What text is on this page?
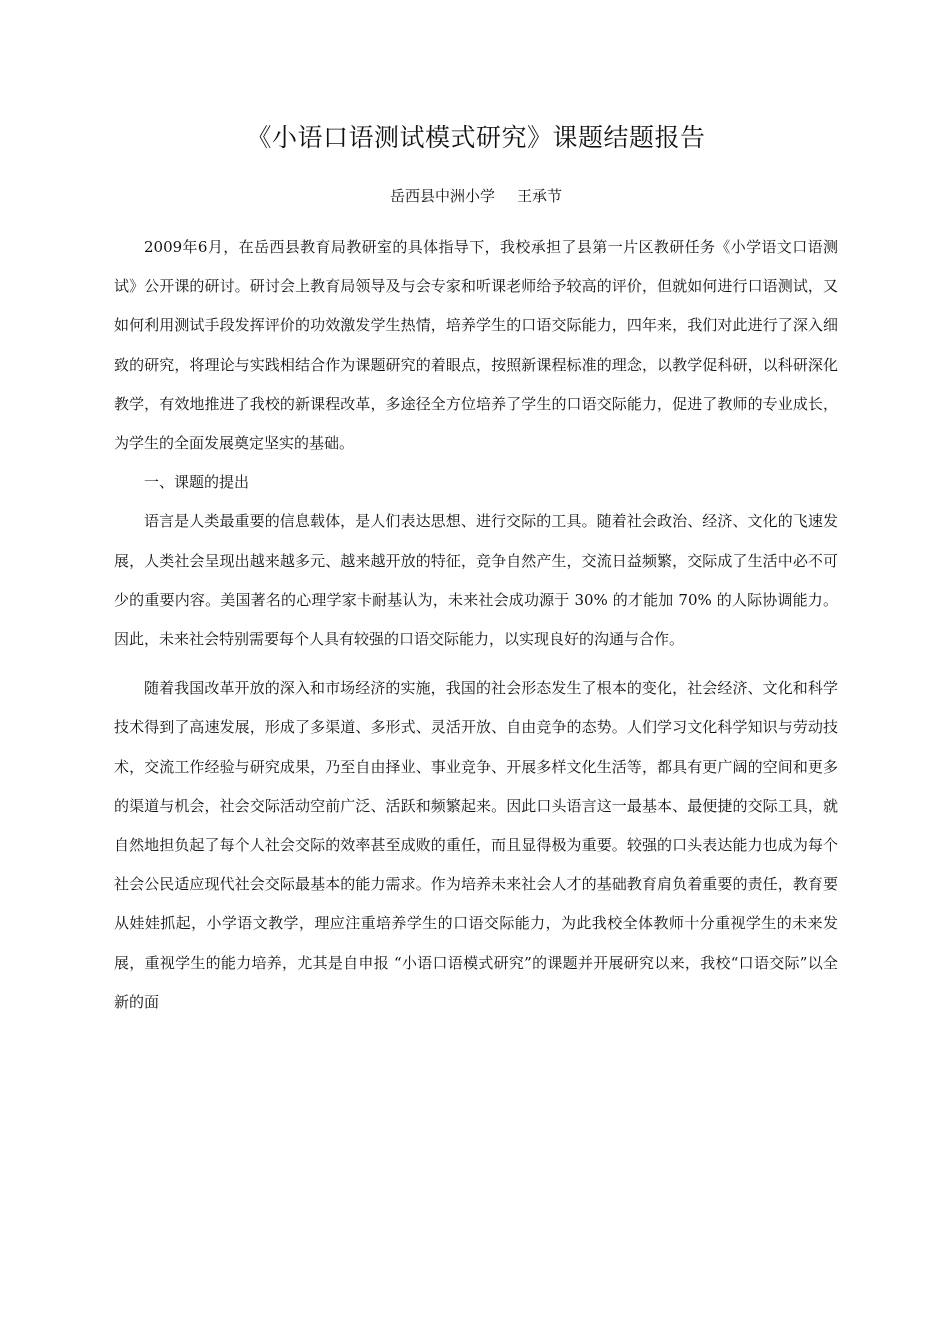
《小语口语测试模式研究》课题结题报告

岳西县中洲小学 王承节

2009年6月，在岳西县教育局教研室的具体指导下，我校承担了县第一片区教研任务《小学语文口语测试》公开课的研讨。研讨会上教育局领导及与会专家和听课老师给予较高的评价，但就如何进行口语测试，又如何利用测试手段发挥评价的功效激发学生热情，培养学生的口语交际能力，四年来，我们对此进行了深入细致的研究，将理论与实践相结合作为课题研究的着眼点，按照新课程标准的理念，以教学促科研，以科研深化教学，有效地推进了我校的新课程改革，多途径全方位培养了学生的口语交际能力，促进了教师的专业成长，为学生的全面发展奠定坚实的基础。

一、课题的提出

语言是人类最重要的信息载体，是人们表达思想、进行交际的工具。随着社会政治、经济、文化的飞速发展，人类社会呈现出越来越多元、越来越开放的特征，竞争自然产生，交流日益频繁，交际成了生活中必不可少的重要内容。美国著名的心理学家卡耐基认为，未来社会成功源于 30% 的才能加 70% 的人际协调能力。因此，未来社会特别需要每个人具有较强的口语交际能力，以实现良好的沟通与合作。

随着我国改革开放的深入和市场经济的实施，我国的社会形态发生了根本的变化，社会经济、文化和科学技术得到了高速发展，形成了多渠道、多形式、灵活开放、自由竞争的态势。人们学习文化科学知识与劳动技术，交流工作经验与研究成果，乃至自由择业、事业竞争、开展多样文化生活等，都具有更广阔的空间和更多的渠道与机会，社会交际活动空前广泛、活跃和频繁起来。因此口头语言这一最基本、最便捷的交际工具，就自然地担负起了每个人社会交际的效率甚至成败的重任，而且显得极为重要。较强的口头表达能力也成为每个社会公民适应现代社会交际最基本的能力需求。作为培养未来社会人才的基础教育肩负着重要的责任，教育要从娃娃抓起，小学语文教学，理应注重培养学生的口语交际能力，为此我校全体教师十分重视学生的未来发展，重视学生的能力培养，尤其是自申报 “小语口语模式研究”的课题并开展研究以来，我校“口语交际”以全新的面
